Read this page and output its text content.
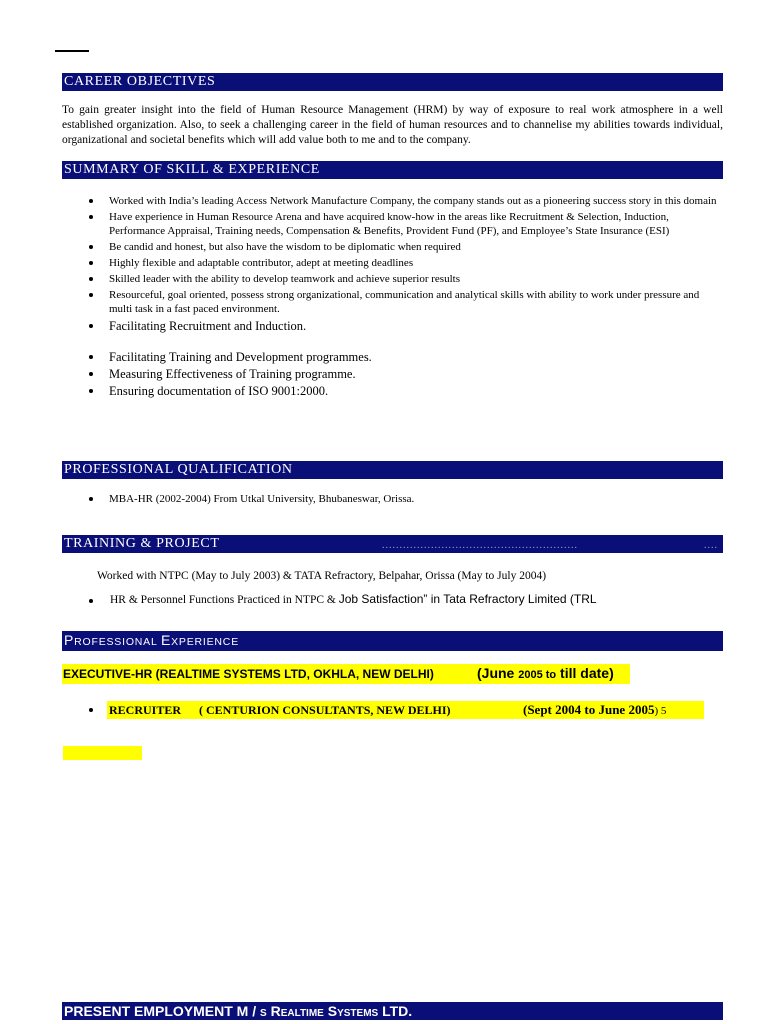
CAREER OBJECTIVES
To gain greater insight into the field of Human Resource Management (HRM) by way of exposure to real work atmosphere in a well established organization. Also, to seek a challenging career in the field of human resources and to channelise my abilities towards individual, organizational and societal benefits which will add value both to me and to the company.
SUMMARY OF SKILL & EXPERIENCE
Worked with India’s leading Access Network Manufacture Company, the company stands out as a pioneering success story in this domain
Have experience in Human Resource Arena and have acquired know-how in the areas like Recruitment & Selection, Induction, Performance Appraisal, Training needs, Compensation & Benefits, Provident Fund (PF), and Employee’s State Insurance (ESI)
Be candid and honest, but also have the wisdom to be diplomatic when required
Highly flexible and adaptable contributor, adept at meeting deadlines
Skilled leader with the ability to develop teamwork and achieve superior results
Resourceful, goal oriented, possess strong organizational, communication and analytical skills with ability to work under pressure and multi task in a fast paced environment.
Facilitating Recruitment and Induction.
Facilitating Training and Development programmes.
Measuring Effectiveness of Training programme.
Ensuring documentation of ISO 9001:2000.
PROFESSIONAL QUALIFICATION
MBA-HR (2002-2004) From Utkal University, Bhubaneswar, Orissa.
TRAINING & PROJECT	........................................................	....
Worked with NTPC (May to July 2003) & TATA Refractory, Belpahar, Orissa (May to July 2004)
HR & Personnel Functions Practiced in NTPC & Job Satisfaction” in Tata Refractory Limited (TRL
PROFESSIONAL EXPERIENCE
EXECUTIVE-HR (REALTIME SYSTEMS LTD, OKHLA, NEW DELHI)	(June 2005 to till date)
RECRUITER      ( CENTURION CONSULTANTS, NEW DELHI)	(Sept 2004 to June 2005) 5
PRESENT EMPLOYMENT M / S REALTIME SYSTEMS LTD.
